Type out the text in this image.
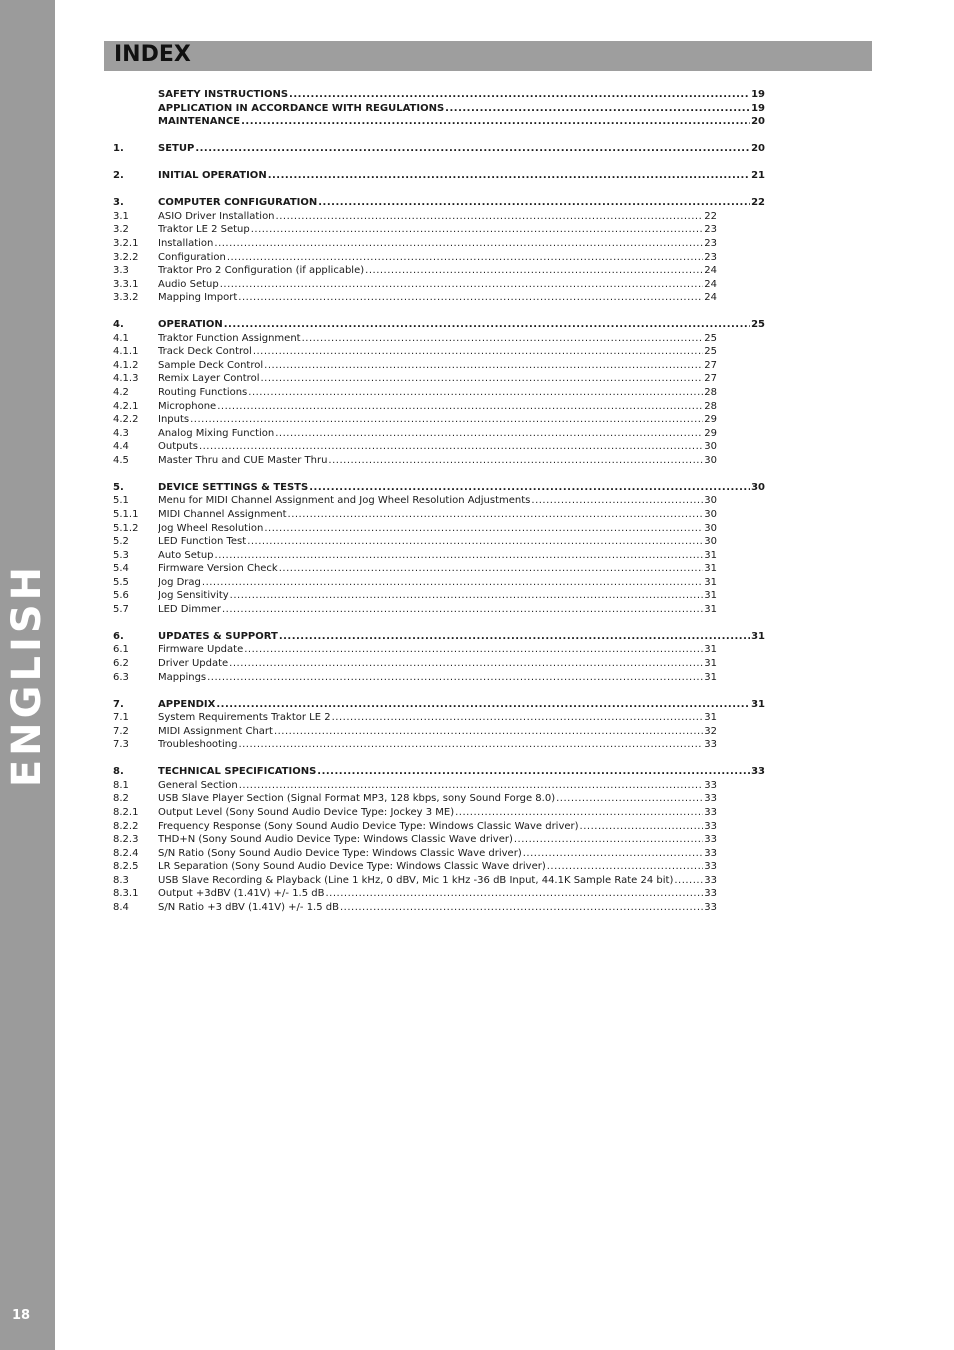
ENGLISH
18
INDEX
SAFETY INSTRUCTIONS .....	19
APPLICATION IN ACCORDANCE WITH REGULATIONS .....	19
MAINTENANCE .....	20
1.	SETUP .....	20
2.	INITIAL OPERATION .....	21
3.	COMPUTER CONFIGURATION .....	22
3.1	ASIO Driver Installation .....	22
3.2	Traktor LE 2 Setup .....	23
3.2.1	Installation .....	23
3.2.2	Configuration .....	23
3.3	Traktor Pro 2 Configuration (if applicable) .....	24
3.3.1	Audio Setup .....	24
3.3.2	Mapping Import .....	24
4.	OPERATION .....	25
4.1	Traktor Function Assignment .....	25
4.1.1	Track Deck Control .....	25
4.1.2	Sample Deck Control .....	27
4.1.3	Remix Layer Control .....	27
4.2	Routing Functions .....	28
4.2.1	Microphone .....	28
4.2.2	Inputs .....	29
4.3	Analog Mixing Function .....	29
4.4	Outputs .....	30
4.5	Master Thru and CUE Master Thru .....	30
5.	DEVICE SETTINGS & TESTS .....	30
5.1	Menu for MIDI Channel Assignment and Jog Wheel Resolution Adjustments .....	30
5.1.1	MIDI Channel Assignment .....	30
5.1.2	Jog Wheel Resolution .....	30
5.2	LED Function Test .....	30
5.3	Auto Setup .....	31
5.4	Firmware Version Check .....	31
5.5	Jog Drag .....	31
5.6	Jog Sensitivity .....	31
5.7	LED Dimmer .....	31
6.	UPDATES & SUPPORT .....	31
6.1	Firmware Update .....	31
6.2	Driver Update .....	31
6.3	Mappings .....	31
7.	APPENDIX .....	31
7.1	System Requirements Traktor LE 2 .....	31
7.2	MIDI Assignment Chart .....	32
7.3	Troubleshooting .....	33
8.	TECHNICAL SPECIFICATIONS .....	33
8.1	General Section .....	33
8.2	USB Slave Player Section (Signal Format MP3, 128 kbps, sony Sound Forge 8.0) .....	33
8.2.1	Output Level (Sony Sound Audio Device Type: Jockey 3 ME) .....	33
8.2.2	Frequency Response (Sony Sound Audio Device Type: Windows Classic Wave driver) .....	33
8.2.3	THD+N (Sony Sound Audio Device Type: Windows Classic Wave driver) .....	33
8.2.4	S/N Ratio (Sony Sound Audio Device Type: Windows Classic Wave driver) .....	33
8.2.5	LR Separation (Sony Sound Audio Device Type: Windows Classic Wave driver) .....	33
8.3	USB Slave Recording & Playback (Line 1 kHz, 0 dBV, Mic 1 kHz -36 dB Input, 44.1K Sample Rate 24 bit) .....	33
8.3.1	Output +3dBV (1.41V) +/- 1.5 dB .....	33
8.4	S/N Ratio +3 dBV (1.41V) +/- 1.5 dB .....	33
